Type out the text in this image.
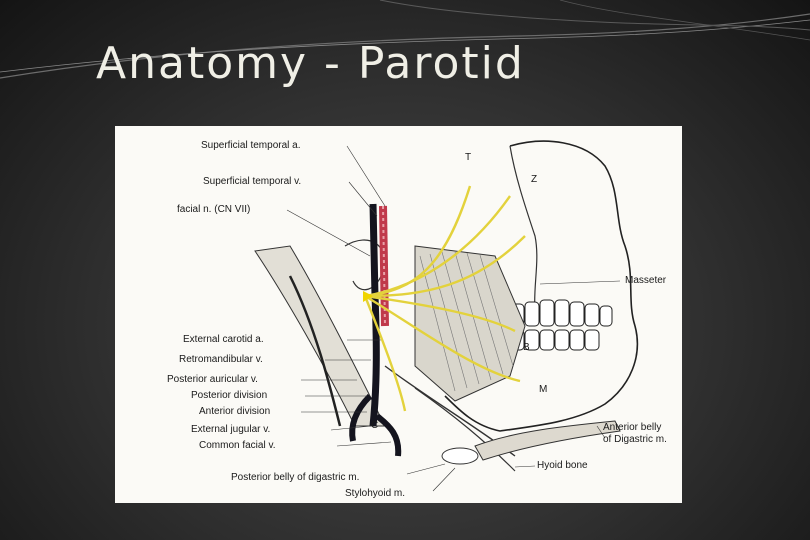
Anatomy - Parotid
Superficial temporal a.
Superficial temporal v.
facial n. (CN VII)
External carotid a.
Retromandibular v.
Posterior auricular v.
Posterior division
Anterior division
External jugular v.
Common facial v.
Posterior belly of digastric m.
Stylohyoid m.
Masseter
Anterior belly
of Digastric m.
Hyoid bone
T
Z
B
M
C
